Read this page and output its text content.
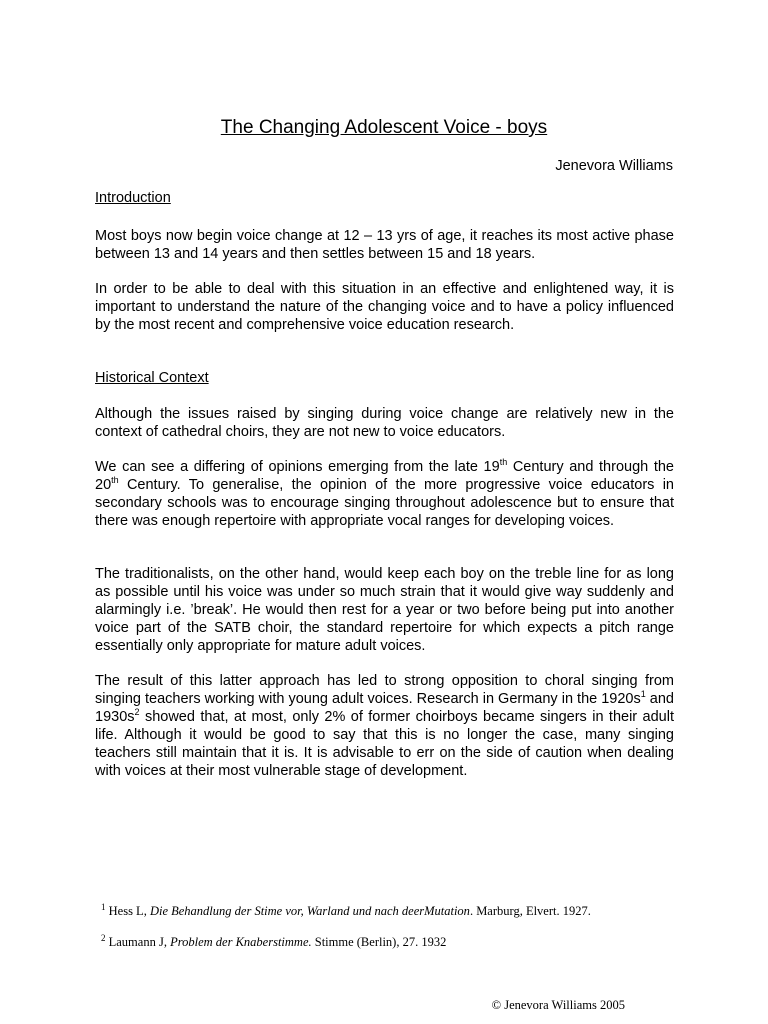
The Changing Adolescent Voice - boys
Jenevora Williams
Introduction

Most boys now begin voice change at 12 – 13 yrs of age, it reaches its most active phase between 13 and 14 years and then settles between 15 and 18 years.

In order to be able to deal with this situation in an effective and enlightened way, it is important to understand the nature of the changing voice and to have a policy influenced by the most recent and comprehensive voice education research.

Historical Context

Although the issues raised by singing during voice change are relatively new in the context of cathedral choirs, they are not new to voice educators.

We can see a differing of opinions emerging from the late 19th Century and through the 20th Century. To generalise, the opinion of the more progressive voice educators in secondary schools was to encourage singing throughout adolescence but to ensure that there was enough repertoire with appropriate vocal ranges for developing voices.

The traditionalists, on the other hand, would keep each boy on the treble line for as long as possible until his voice was under so much strain that it would give way suddenly and alarmingly i.e. ’break’. He would then rest for a year or two before being put into another voice part of the SATB choir, the standard repertoire for which expects a pitch range essentially only appropriate for mature adult voices.

The result of this latter approach has led to strong opposition to choral singing from singing teachers working with young adult voices. Research in Germany in the $1920s^1$ and $1930s^2$ showed that, at most, only 2% of former choirboys became singers in their adult life. Although it would be good to say that this is no longer the case, many singing teachers still maintain that it is. It is advisable to err on the side of caution when dealing with voices at their most vulnerable stage of development.

$^1$ Hess L, Die Behandlung der Stime vor, Warland und nach deerMutation. Marburg, Elvert. 1927.
$^2$ Laumann J, Problem der Knaberstimme. Stimme (Berlin), 27. 1932
© Jenevora Williams 2005
